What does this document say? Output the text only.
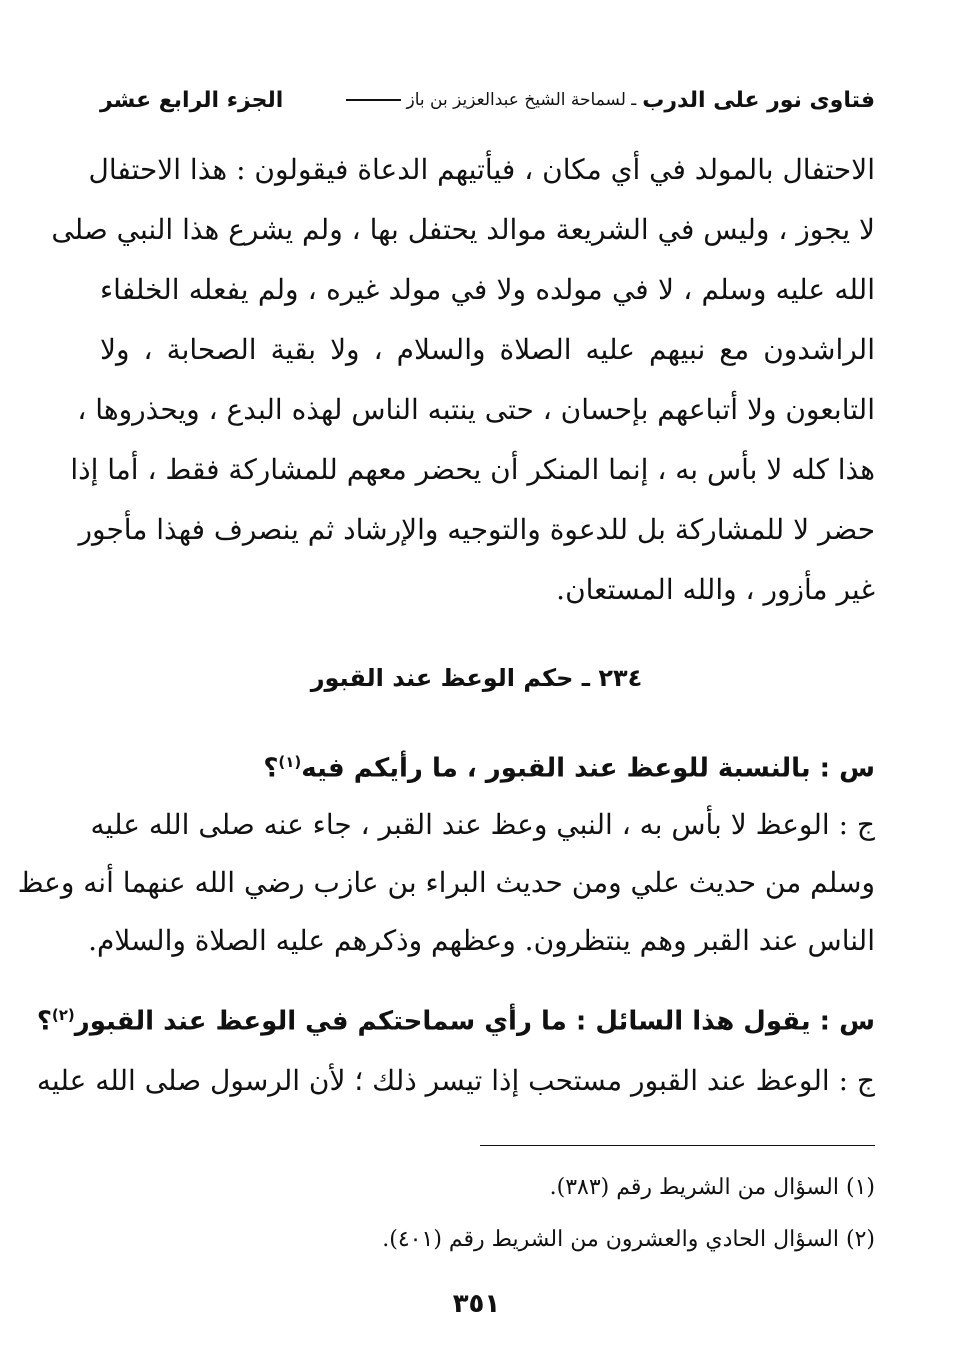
فتاوى نور على الدرب
ـ لسماحة الشيخ عبدالعزيز بن باز
الجزء الرابع عشر

الاحتفال بالمولد في أي مكان ، فيأتيهم الدعاة فيقولون : هذا الاحتفال

لا يجوز ، وليس في الشريعة موالد يحتفل بها ، ولم يشرع هذا النبي صلى

الله عليه وسلم ، لا في مولده ولا في مولد غيره ، ولم يفعله الخلفاء

الراشدون مع نبيهم عليه الصلاة والسلام ، ولا بقية الصحابة ، ولا

التابعون ولا أتباعهم بإحسان ، حتى ينتبه الناس لهذه البدع ، ويحذروها ،

هذا كله لا بأس به ، إنما المنكر أن يحضر معهم للمشاركة فقط ، أما إذا

حضر لا للمشاركة بل للدعوة والتوجيه والإرشاد ثم ينصرف فهذا مأجور

غير مأزور ، والله المستعان.

٢٣٤ ـ حكم الوعظ عند القبور

س : بالنسبة للوعظ عند القبور ، ما رأيكم فيه$^{(١)}$؟

ج : الوعظ لا بأس به ، النبي وعظ عند القبر ، جاء عنه صلى الله عليه

وسلم من حديث علي ومن حديث البراء بن عازب رضي الله عنهما أنه وعظ

الناس عند القبر وهم ينتظرون. وعظهم وذكرهم عليه الصلاة والسلام.

س : يقول هذا السائل : ما رأي سماحتكم في الوعظ عند القبور$^{(٢)}$؟

ج : الوعظ عند القبور مستحب إذا تيسر ذلك ؛ لأن الرسول صلى الله عليه

(١) السؤال من الشريط رقم (٣٨٣).

(٢) السؤال الحادي والعشرون من الشريط رقم (٤٠١).

٣٥١
